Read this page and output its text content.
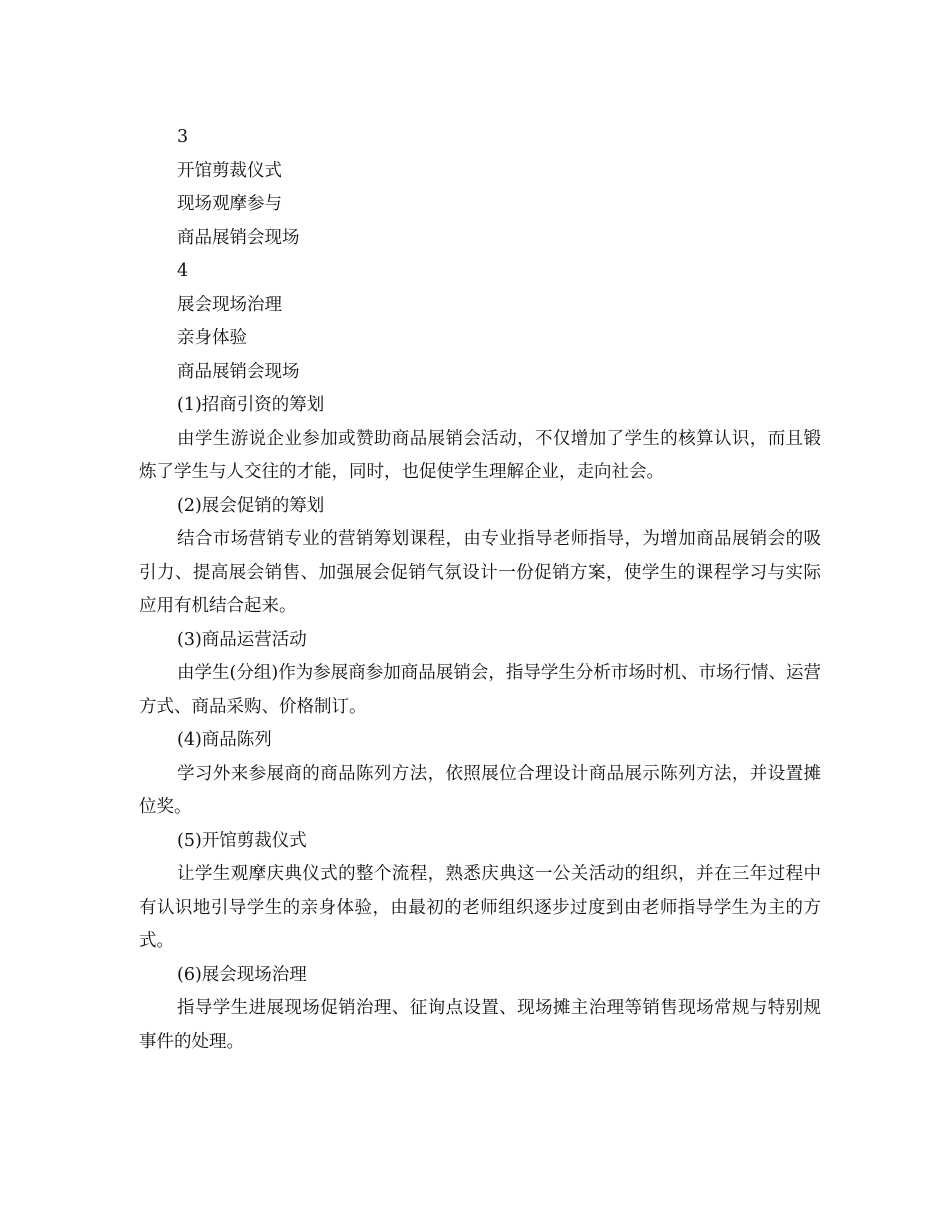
3

开馆剪裁仪式

现场观摩参与

商品展销会现场

4

展会现场治理

亲身体验

商品展销会现场

(1)招商引资的筹划

由学生游说企业参加或赞助商品展销会活动，不仅增加了学生的核算认识，而且锻炼了学生与人交往的才能，同时，也促使学生理解企业，走向社会。

(2)展会促销的筹划

结合市场营销专业的营销筹划课程，由专业指导老师指导，为增加商品展销会的吸引力、提高展会销售、加强展会促销气氛设计一份促销方案，使学生的课程学习与实际应用有机结合起来。

(3)商品运营活动

由学生(分组)作为参展商参加商品展销会，指导学生分析市场时机、市场行情、运营方式、商品采购、价格制订。

(4)商品陈列

学习外来参展商的商品陈列方法，依照展位合理设计商品展示陈列方法，并设置摊位奖。

(5)开馆剪裁仪式

让学生观摩庆典仪式的整个流程，熟悉庆典这一公关活动的组织，并在三年过程中有认识地引导学生的亲身体验，由最初的老师组织逐步过度到由老师指导学生为主的方式。

(6)展会现场治理

指导学生进展现场促销治理、征询点设置、现场摊主治理等销售现场常规与特别规事件的处理。
